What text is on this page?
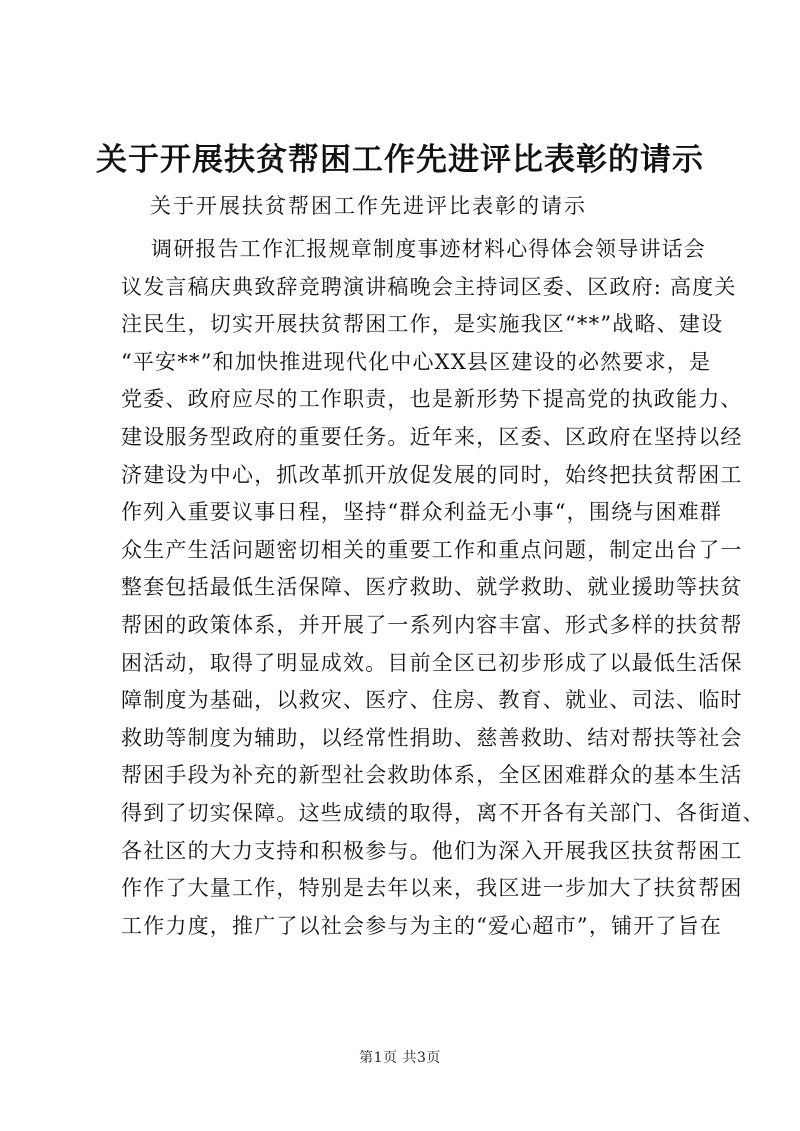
关于开展扶贫帮困工作先进评比表彰的请示

关于开展扶贫帮困工作先进评比表彰的请示

调研报告工作汇报规章制度事迹材料心得体会领导讲话会
议发言稿庆典致辞竞聘演讲稿晚会主持词区委、区政府: 高度关
注民生，切实开展扶贫帮困工作，是实施我区“**”战略、建设
“平安**”和加快推进现代化中心XX县区建设的必然要求，是
党委、政府应尽的工作职责，也是新形势下提高党的执政能力、
建设服务型政府的重要任务。近年来，区委、区政府在坚持以经
济建设为中心，抓改革抓开放促发展的同时，始终把扶贫帮困工
作列入重要议事日程，坚持“群众利益无小事“，围绕与困难群
众生产生活问题密切相关的重要工作和重点问题，制定出台了一
整套包括最低生活保障、医疗救助、就学救助、就业援助等扶贫
帮困的政策体系，并开展了一系列内容丰富、形式多样的扶贫帮
困活动，取得了明显成效。目前全区已初步形成了以最低生活保
障制度为基础，以救灾、医疗、住房、教育、就业、司法、临时
救助等制度为辅助，以经常性捐助、慈善救助、结对帮扶等社会
帮困手段为补充的新型社会救助体系，全区困难群众的基本生活
得到了切实保障。这些成绩的取得，离不开各有关部门、各街道、
各社区的大力支持和积极参与。他们为深入开展我区扶贫帮困工
作作了大量工作，特别是去年以来，我区进一步加大了扶贫帮困
工作力度，推广了以社会参与为主的“爱心超市”，铺开了旨在
第1页 共3页
